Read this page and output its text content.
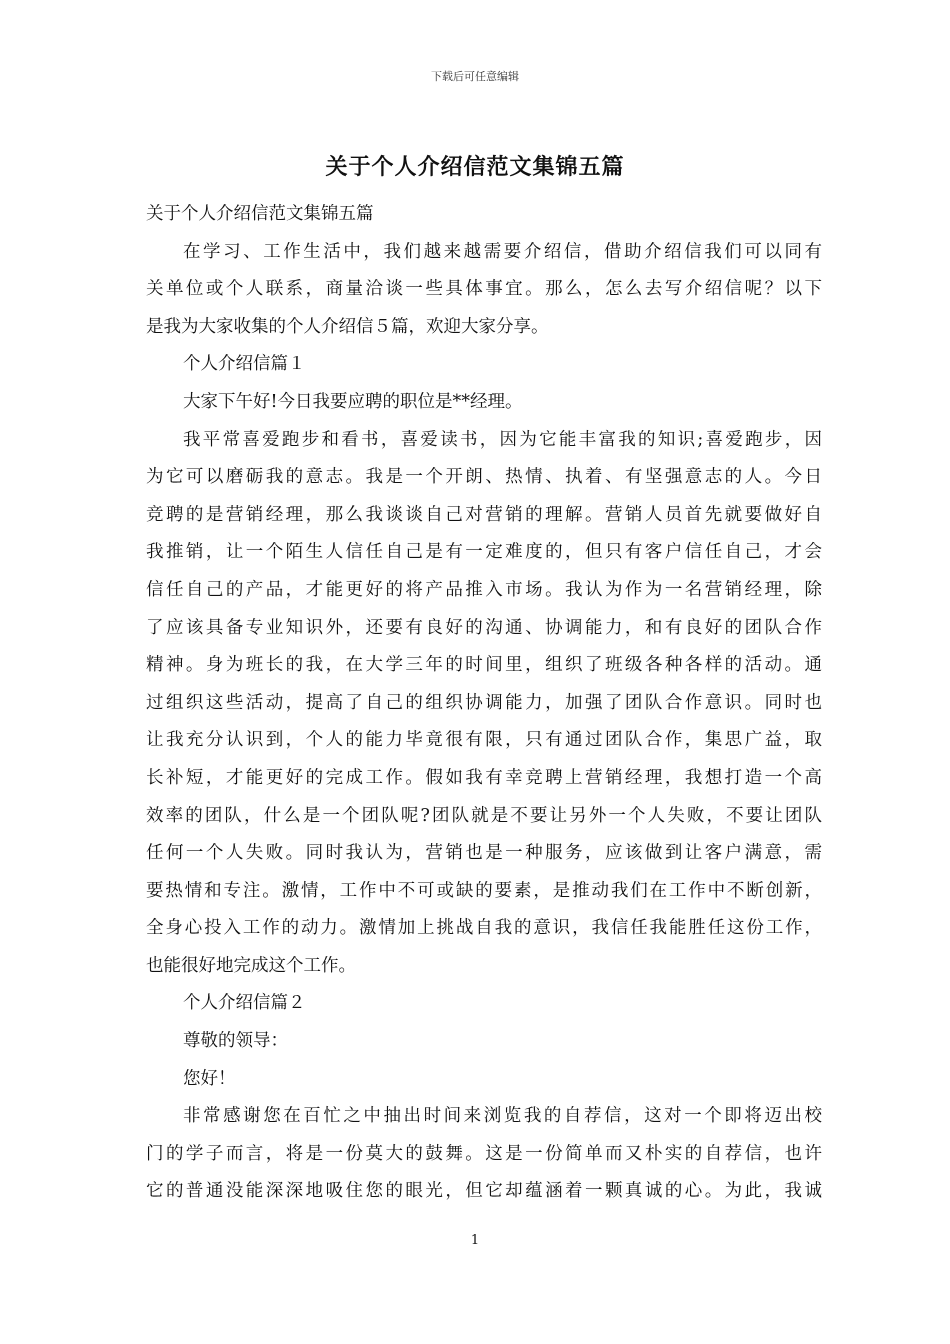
下载后可任意编辑
关于个人介绍信范文集锦五篇
关于个人介绍信范文集锦五篇
在学习、工作生活中，我们越来越需要介绍信，借助介绍信我们可以同有
关单位或个人联系，商量洽谈一些具体事宜。那么，怎么去写介绍信呢？以下
是我为大家收集的个人介绍信５篇，欢迎大家分享。
个人介绍信篇１
大家下午好!今日我要应聘的职位是**经理。
我平常喜爱跑步和看书，喜爱读书，因为它能丰富我的知识;喜爱跑步，因
为它可以磨砺我的意志。我是一个开朗、热情、执着、有坚强意志的人。今日
竞聘的是营销经理，那么我谈谈自己对营销的理解。营销人员首先就要做好自
我推销，让一个陌生人信任自己是有一定难度的，但只有客户信任自己，才会
信任自己的产品，才能更好的将产品推入市场。我认为作为一名营销经理，除
了应该具备专业知识外，还要有良好的沟通、协调能力，和有良好的团队合作
精神。身为班长的我，在大学三年的时间里，组织了班级各种各样的活动。通
过组织这些活动，提高了自己的组织协调能力，加强了团队合作意识。同时也
让我充分认识到，个人的能力毕竟很有限，只有通过团队合作，集思广益，取
长补短，才能更好的完成工作。假如我有幸竞聘上营销经理，我想打造一个高
效率的团队，什么是一个团队呢?团队就是不要让另外一个人失败，不要让团队
任何一个人失败。同时我认为，营销也是一种服务，应该做到让客户满意，需
要热情和专注。激情，工作中不可或缺的要素，是推动我们在工作中不断创新，
全身心投入工作的动力。激情加上挑战自我的意识，我信任我能胜任这份工作，
也能很好地完成这个工作。
个人介绍信篇２
尊敬的领导：
您好！
非常感谢您在百忙之中抽出时间来浏览我的自荐信，这对一个即将迈出校
门的学子而言，将是一份莫大的鼓舞。这是一份简单而又朴实的自荐信，也许
它的普通没能深深地吸住您的眼光，但它却蕴涵着一颗真诚的心。为此，我诚
1
